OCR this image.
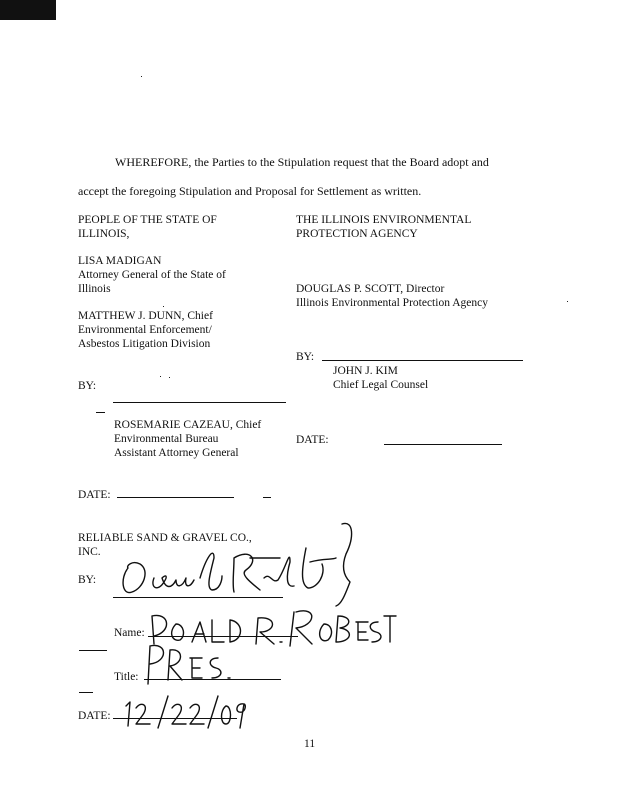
WHEREFORE, the Parties to the Stipulation request that the Board adopt and
accept the foregoing Stipulation and Proposal for Settlement as written.
PEOPLE OF THE STATE OF
ILLINOIS,
LISA MADIGAN
Attorney General of the State of
Illinois
MATTHEW J. DUNN, Chief
Environmental Enforcement/
Asbestos Litigation Division
BY:
ROSEMARIE CAZEAU, Chief
Environmental Bureau
Assistant Attorney General
DATE:
THE ILLINOIS ENVIRONMENTAL
PROTECTION AGENCY
DOUGLAS P. SCOTT, Director
Illinois Environmental Protection Agency
BY:
JOHN J. KIM
Chief Legal Counsel
DATE:
RELIABLE SAND & GRAVEL CO.,
INC.
BY:
Name:
Title:
DATE:
11
